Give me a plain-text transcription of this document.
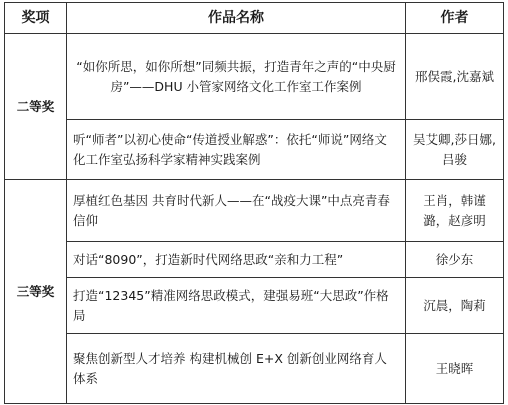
奖项	作品名称	作者
二等奖	“如你所思，如你所想”同频共振，打造青年之声的“中央厨房”——DHU 小管家网络文化工作室工作案例	邢俣霞,沈嘉斌
	听“师者”以初心使命“传道授业解惑”：依托“师说”网络文化工作室弘扬科学家精神实践案例	吴艾卿,莎日娜,吕骏
三等奖	厚植红色基因 共育时代新人——在“战疫大课”中点亮青春信仰	王肖，韩谨潞，赵彦明
	对话“8090”，打造新时代网络思政“亲和力工程”	徐少东
	打造“12345”精准网络思政模式，建强易班“大思政”作格局	沉晨，陶莉
	聚焦创新型人才培养 构建机械创 E+X 创新创业网络育人体系	王晓晖
